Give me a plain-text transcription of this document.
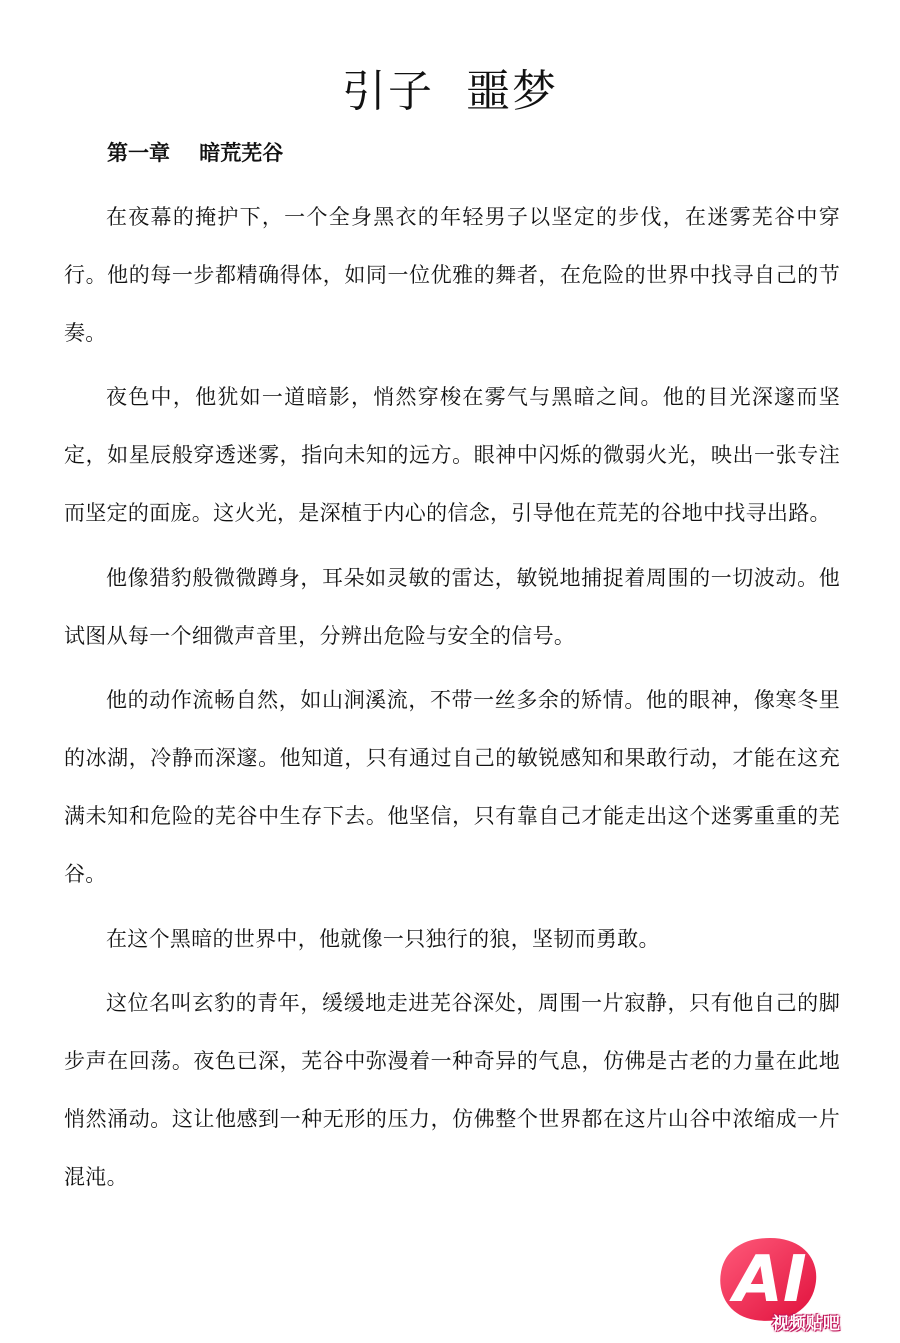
引子  噩梦
第一章    暗荒芜谷

在夜幕的掩护下，一个全身黑衣的年轻男子以坚定的步伐，在迷雾芜谷中穿行。他的每一步都精确得体，如同一位优雅的舞者，在危险的世界中找寻自己的节奏。

夜色中，他犹如一道暗影，悄然穿梭在雾气与黑暗之间。他的目光深邃而坚定，如星辰般穿透迷雾，指向未知的远方。眼神中闪烁的微弱火光，映出一张专注而坚定的面庞。这火光，是深植于内心的信念，引导他在荒芜的谷地中找寻出路。

他像猎豹般微微蹲身，耳朵如灵敏的雷达，敏锐地捕捉着周围的一切波动。他试图从每一个细微声音里，分辨出危险与安全的信号。

他的动作流畅自然，如山涧溪流，不带一丝多余的矫情。他的眼神，像寒冬里的冰湖，冷静而深邃。他知道，只有通过自己的敏锐感知和果敢行动，才能在这充满未知和危险的芜谷中生存下去。他坚信，只有靠自己才能走出这个迷雾重重的芜谷。

在这个黑暗的世界中，他就像一只独行的狼，坚韧而勇敢。

这位名叫玄豹的青年，缓缓地走进芜谷深处，周围一片寂静，只有他自己的脚步声在回荡。夜色已深，芜谷中弥漫着一种奇异的气息，仿佛是古老的力量在此地悄然涌动。这让他感到一种无形的压力，仿佛整个世界都在这片山谷中浓缩成一片混沌。

AI
视频贴吧
